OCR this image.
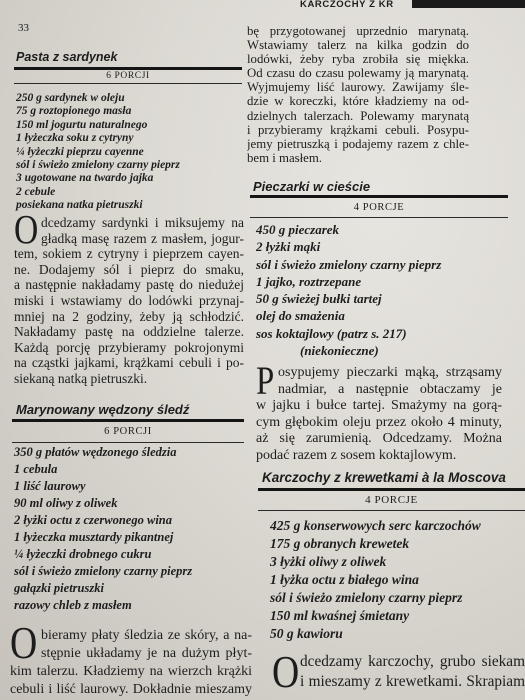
33
KARCZOCHY Z KR
Pasta z sardynek
6 PORCJI
250 g sardynek w oleju
75 g roztopionego masła
150 ml jogurtu naturalnego
1 łyżeczka soku z cytryny
¼ łyżeczki pieprzu cayenne
sól i świeżo zmielony czarny pieprz
3 ugotowane na twardo jajka
2 cebule
posiekana natka pietruszki
O dcedzamy sardynki i miksujemy na
gładką masę razem z masłem, jogur-
tem, sokiem z cytryny i pieprzem cayen-
ne. Dodajemy sól i pieprz do smaku,
a następnie nakładamy pastę do niedużej
miski i wstawiamy do lodówki przynaj-
mniej na 2 godziny, żeby ją schłodzić.
Nakładamy pastę na oddzielne talerze.
Każdą porcję przybieramy pokrojonymi
na cząstki jajkami, krążkami cebuli i po-
siekaną natką pietruszki.
Marynowany wędzony śledź
6 PORCJI
350 g płatów wędzonego śledzia
1 cebula
1 liść laurowy
90 ml oliwy z oliwek
2 łyżki octu z czerwonego wina
1 łyżeczka musztardy pikantnej
¼ łyżeczki drobnego cukru
sól i świeżo zmielony czarny pieprz
gałązki pietruszki
razowy chleb z masłem
O bieramy płaty śledzia ze skóry, a na-
stępnie układamy je na dużym płyt-
kim talerzu. Kładziemy na wierzch krążki
cebuli i liść laurowy. Dokładnie mieszamy
bę przygotowanej uprzednio marynatą.
Wstawiamy talerz na kilka godzin do
lodówki, żeby ryba zrobiła się miękka.
Od czasu do czasu polewamy ją marynatą.
Wyjmujemy liść laurowy. Zawijamy śle-
dzie w koreczki, które kładziemy na od-
dzielnych talerzach. Polewamy marynatą
i przybieramy krążkami cebuli. Posypu-
jemy pietruszką i podajemy razem z chle-
bem i masłem.
Pieczarki w cieście
4 PORCJE
450 g pieczarek
2 łyżki mąki
sól i świeżo zmielony czarny pieprz
1 jajko, roztrzepane
50 g świeżej bułki tartej
olej do smażenia
sos koktajlowy (patrz s. 217)
(niekonieczne)
P osypujemy pieczarki mąką, strząsamy
nadmiar, a następnie obtaczamy je
w jajku i bułce tartej. Smażymy na gorą-
cym głębokim oleju przez około 4 minuty,
aż się zarumienią. Odcedzamy. Można
podać razem z sosem koktajlowym.
Karczochy z krewetkami à la Moscova
4 PORCJE
425 g konserwowych serc karczochów
175 g obranych krewetek
3 łyżki oliwy z oliwek
1 łyżka octu z białego wina
sól i świeżo zmielony czarny pieprz
150 ml kwaśnej śmietany
50 g kawioru
O dcedzamy karczochy, grubo siekam
i mieszamy z krewetkami. Skrapiam
